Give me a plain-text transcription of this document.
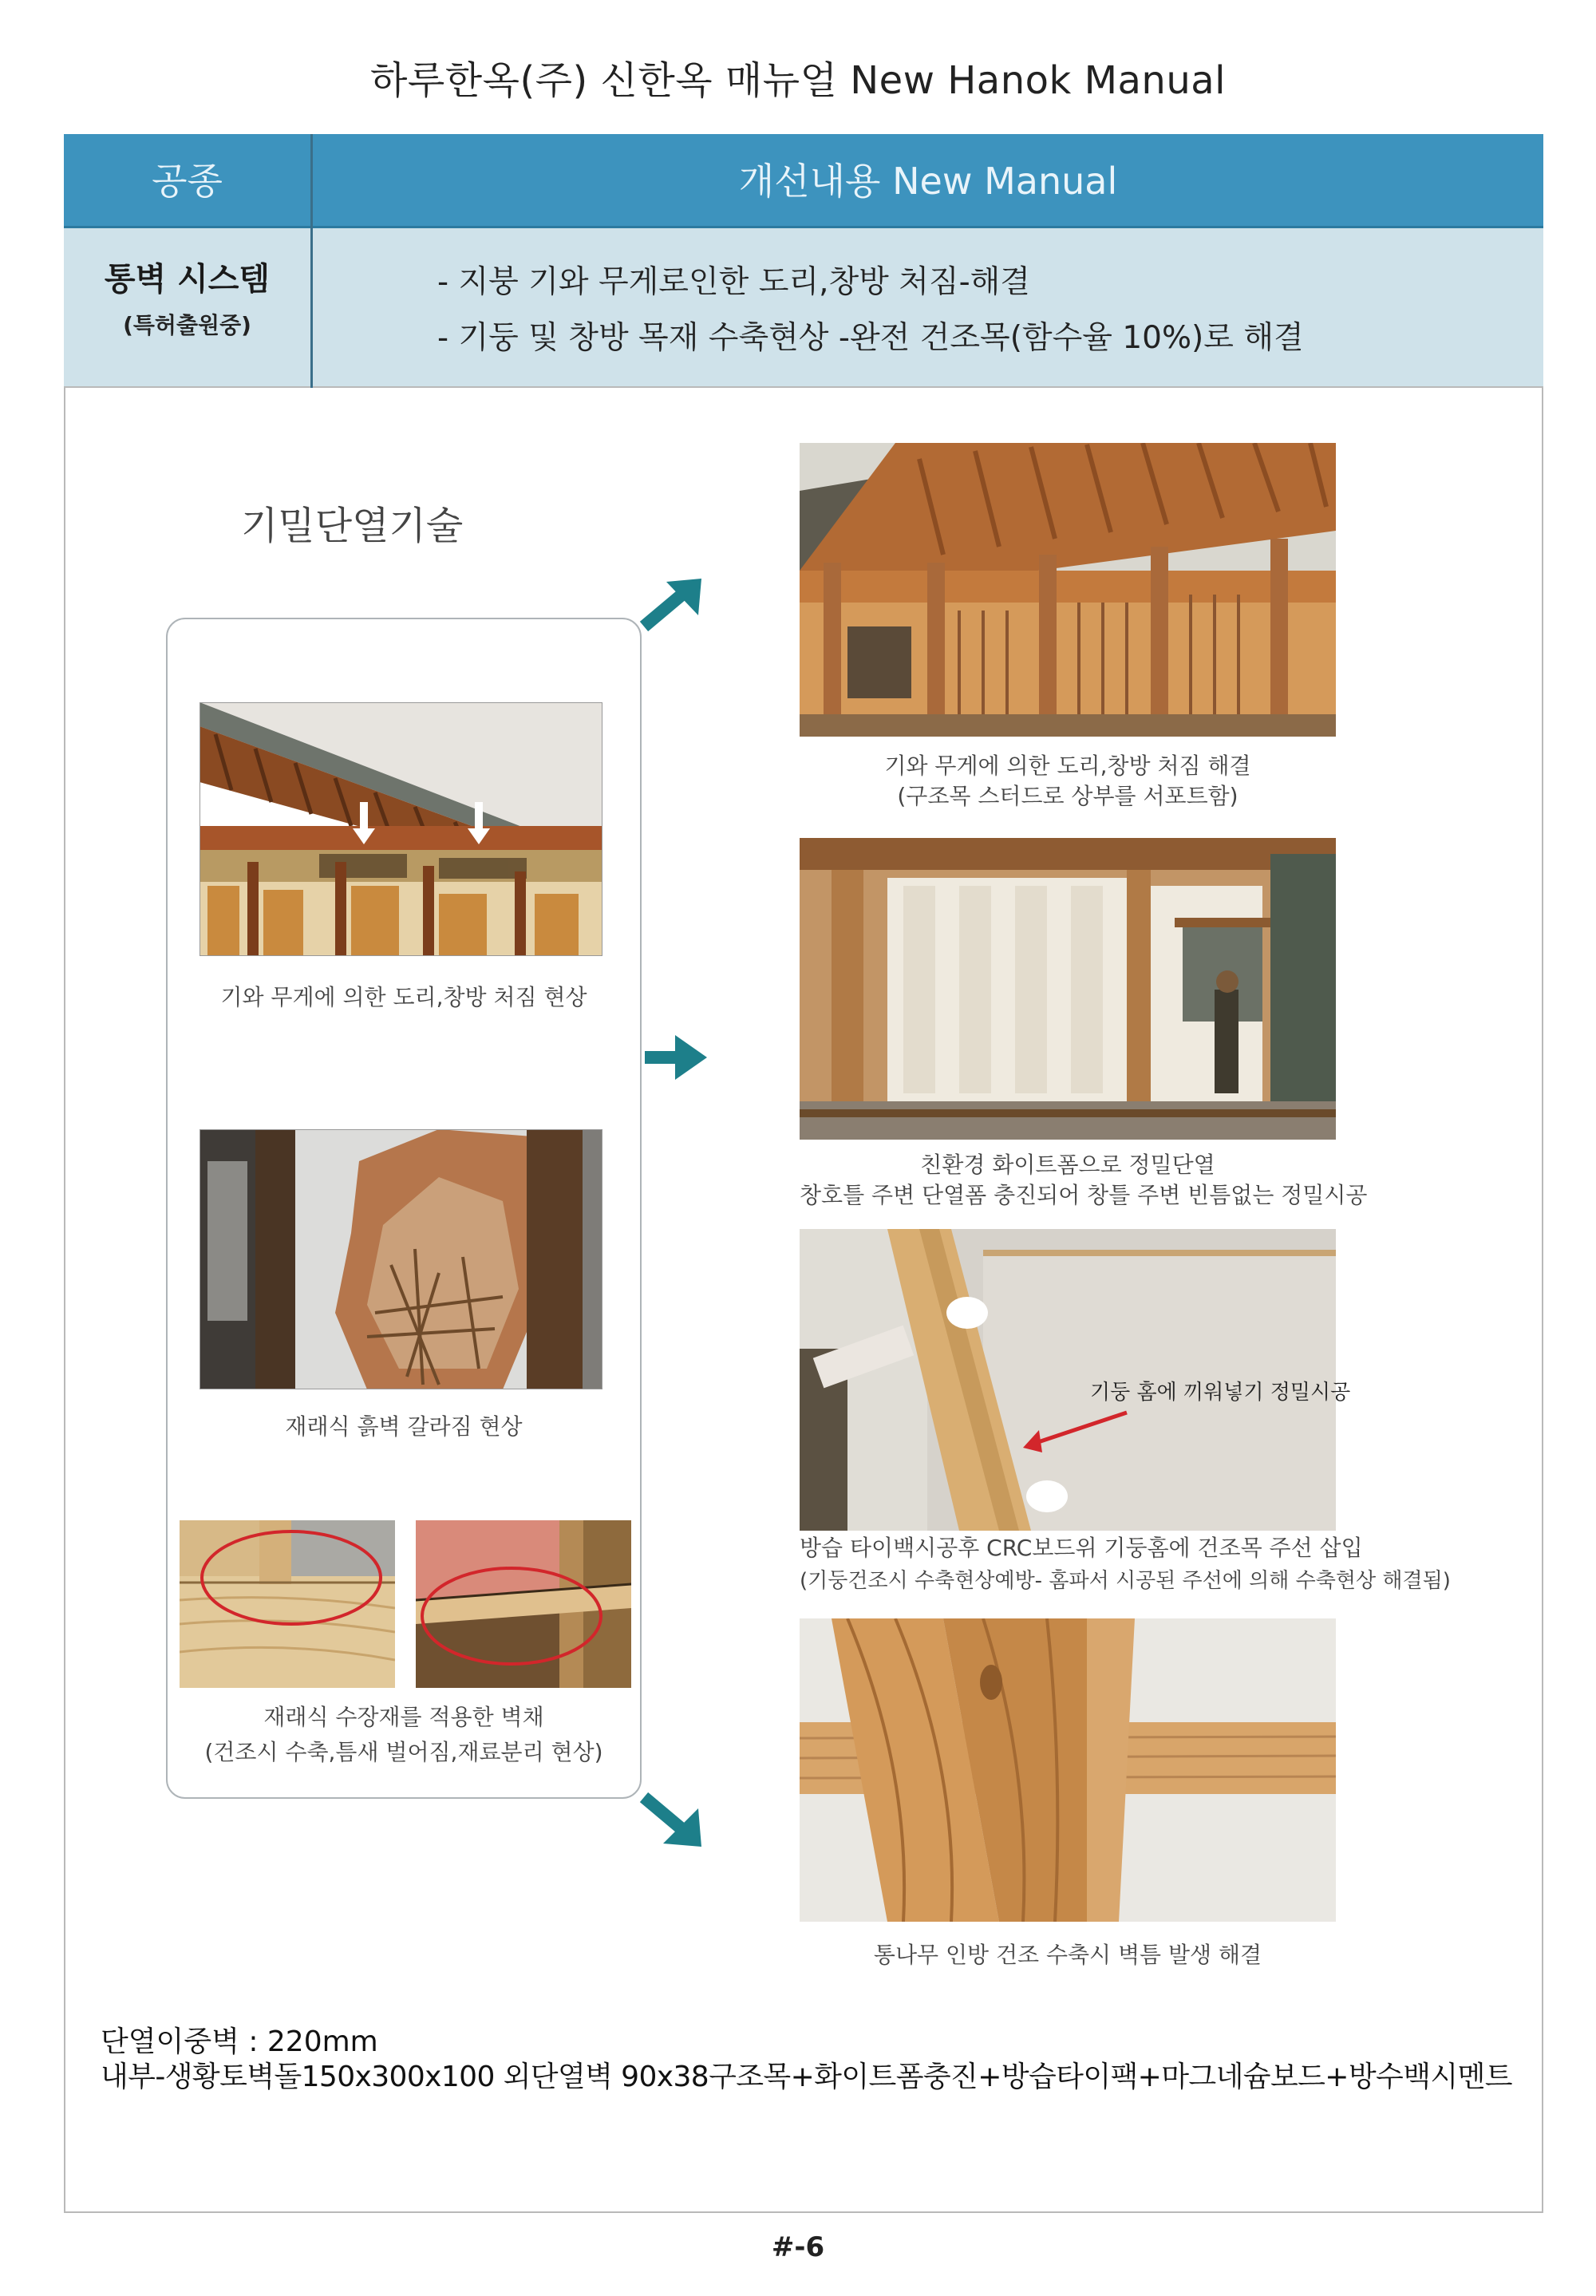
하루한옥(주) 신한옥 매뉴얼 New Hanok Manual
공종	개선내용 New Manual
통벽 시스템
(특허출원중)
- 지붕 기와 무게로인한 도리,창방 처짐-해결
- 기둥 및 창방 목재 수축현상 -완전 건조목(함수율 10%)로 해결
기밀단열기술
기와 무게에 의한 도리,창방 처짐 현상
재래식 흙벽 갈라짐 현상
재래식 수장재를 적용한 벽채
(건조시 수축,틈새 벌어짐,재료분리 현상)
기와 무게에 의한 도리,창방 처짐 해결
(구조목 스터드로 상부를 서포트함)
친환경 화이트폼으로 정밀단열
창호틀 주변 단열폼 충진되어 창틀 주변 빈틈없는 정밀시공
기둥 홈에 끼워넣기 정밀시공
방습 타이백시공후 CRC보드위 기둥홈에 건조목 주선 삽입
(기둥건조시 수축현상예방- 홈파서 시공된 주선에 의해 수축현상 해결됨)
통나무 인방 건조 수축시 벽틈 발생 해결
단열이중벽 : 220mm
내부-생황토벽돌150x300x100 외단열벽 90x38구조목+화이트폼충진+방습타이팩+마그네슘보드+방수백시멘트
#-6
